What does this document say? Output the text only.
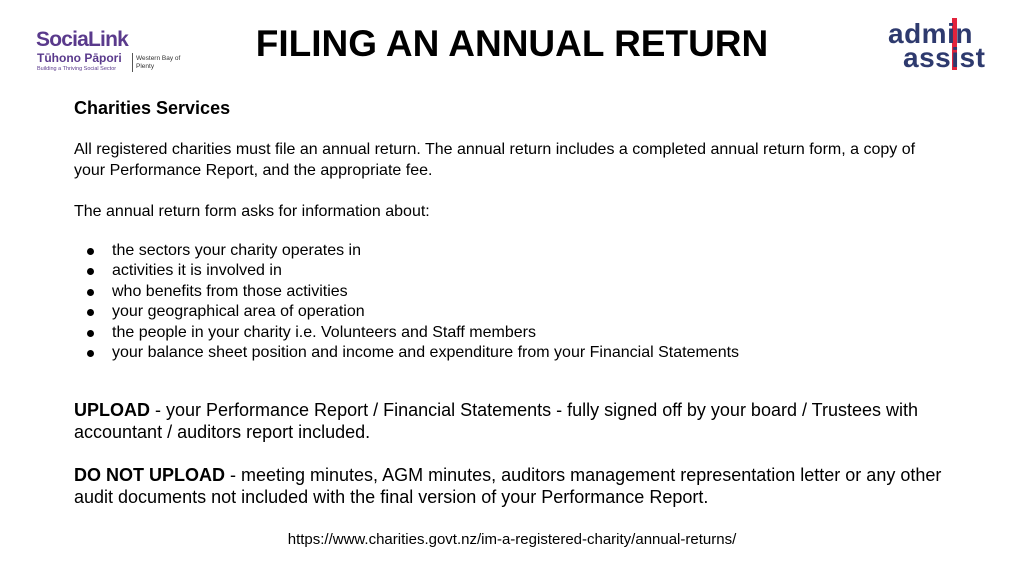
SociaLink
Tūhono Pāpori
Building a Thriving Social Sector
Western Bay of Plenty
FILING AN ANNUAL RETURN	admin
assist
Charities Services

All registered charities must file an annual return. The annual return includes a completed annual return form, a copy of your Performance Report, and the appropriate fee.

The annual return form asks for information about:

the sectors your charity operates in
activities it is involved in
who benefits from those activities
your geographical area of operation
the people in your charity i.e. Volunteers and Staff members
your balance sheet position and income and expenditure from your Financial Statements

UPLOAD - your Performance Report / Financial Statements - fully signed off by your board / Trustees with accountant / auditors report included.

DO NOT UPLOAD - meeting minutes, AGM minutes, auditors management representation letter or any other audit documents not included with the final version of your Performance Report.

https://www.charities.govt.nz/im-a-registered-charity/annual-returns/
